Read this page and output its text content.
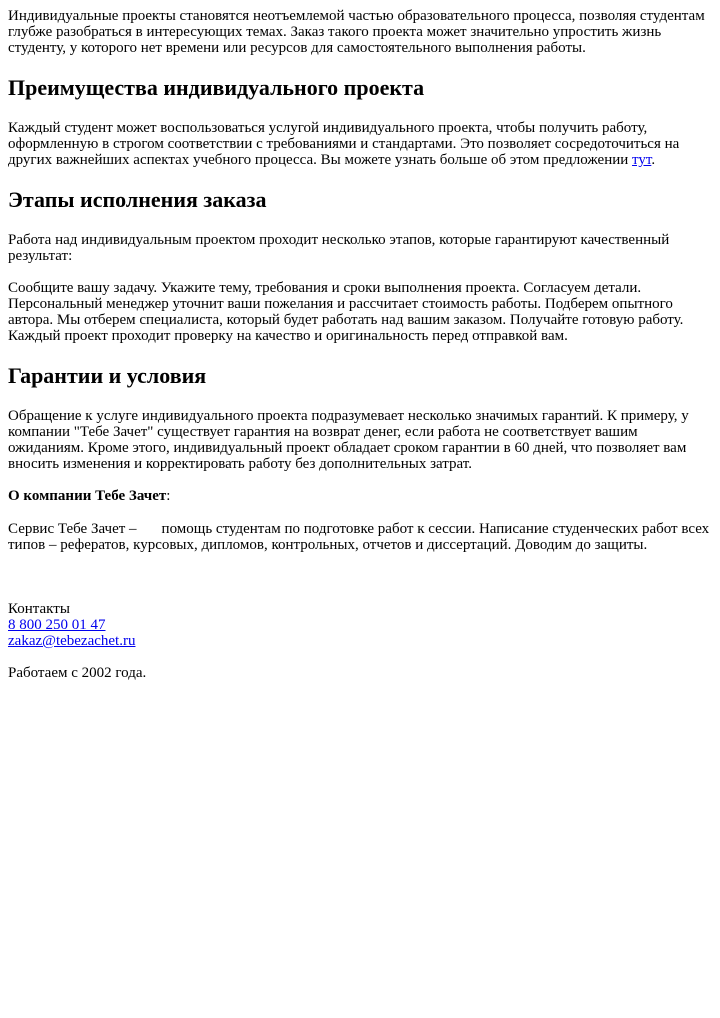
Индивидуальные проекты становятся неотъемлемой частью образовательного процесса, позволяя студентам глубже разобраться в интересующих темах. Заказ такого проекта может значительно упростить жизнь студенту, у которого нет времени или ресурсов для самостоятельного выполнения работы.

Преимущества индивидуального проекта

Каждый студент может воспользоваться услугой индивидуального проекта, чтобы получить работу, оформленную в строгом соответствии с требованиями и стандартами. Это позволяет сосредоточиться на других важнейших аспектах учебного процесса. Вы можете узнать больше об этом предложении тут.

Этапы исполнения заказа

Работа над индивидуальным проектом проходит несколько этапов, которые гарантируют качественный результат:

Сообщите вашу задачу. Укажите тему, требования и сроки выполнения проекта. Согласуем детали. Персональный менеджер уточнит ваши пожелания и рассчитает стоимость работы. Подберем опытного автора. Мы отберем специалиста, который будет работать над вашим заказом. Получайте готовую работу. Каждый проект проходит проверку на качество и оригинальность перед отправкой вам.

Гарантии и условия

Обращение к услуге индивидуального проекта подразумевает несколько значимых гарантий. К примеру, у компании "Тебе Зачет" существует гарантия на возврат денег, если работа не соответствует вашим ожиданиям. Кроме этого, индивидуальный проект обладает сроком гарантии в 60 дней, что позволяет вам вносить изменения и корректировать работу без дополнительных затрат.

О компании Тебе Зачет:

Сервис Тебе Зачет – помощь студентам по подготовке работ к сессии. Написание студенческих работ всех типов – рефератов, курсовых, дипломов, контрольных, отчетов и диссертаций. Доводим до защиты.

Контакты

8 800 250 01 47

zakaz@tebezachet.ru

Работаем с 2002 года.
